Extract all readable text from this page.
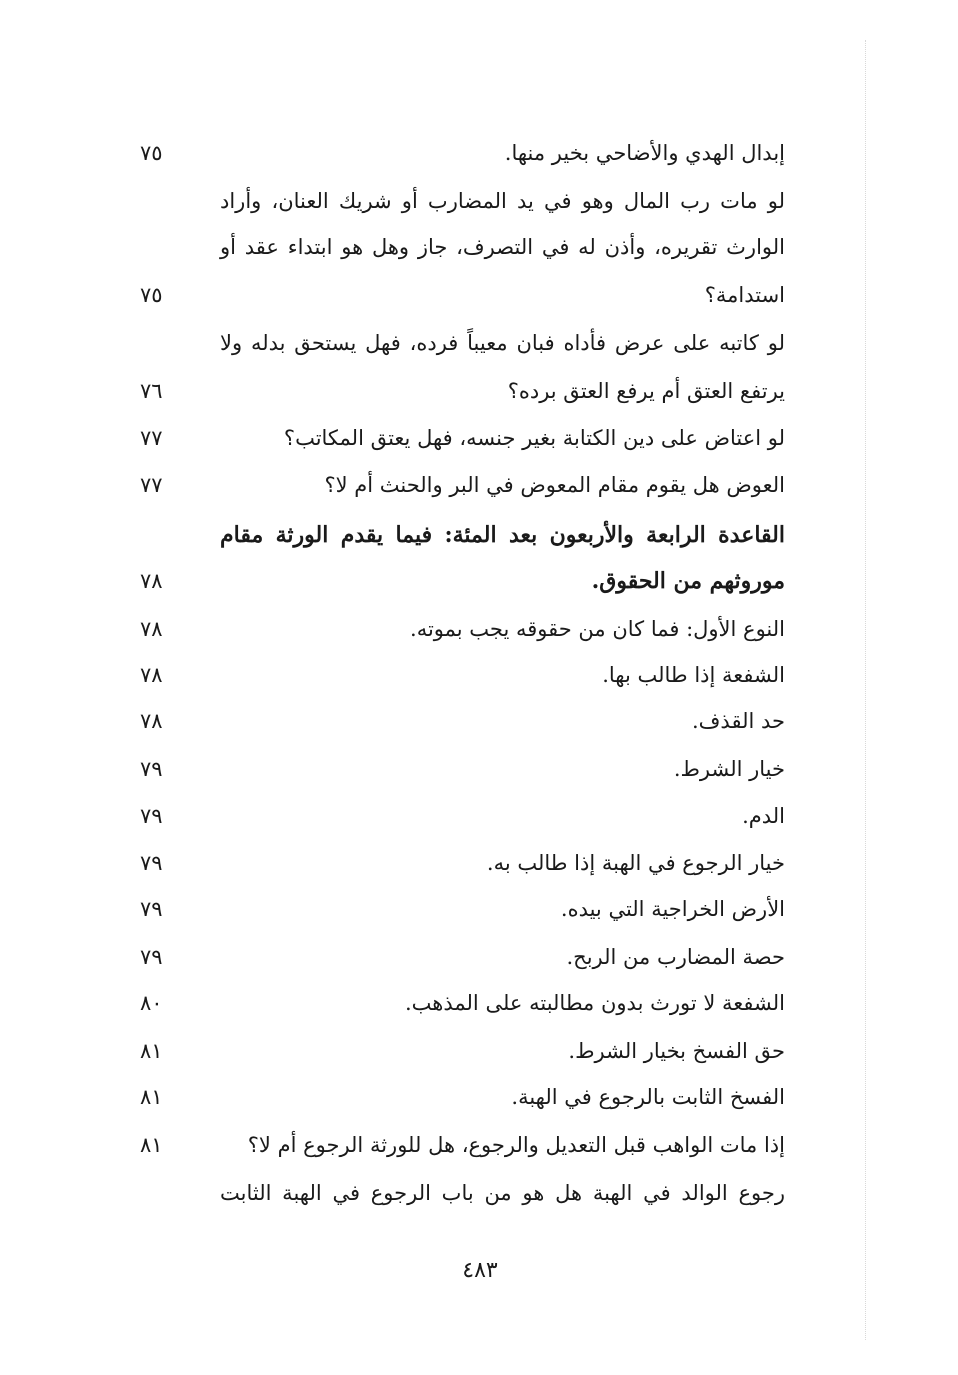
إبدال الهدي والأضاحي بخير منها.
٧٥
لو مات رب المال وهو في يد المضارب أو شريك العنان، وأراد
الوارث تقريره، وأذن له في التصرف، جاز وهل هو ابتداء عقد أو
استدامة؟
٧٥
لو كاتبه على عرض فأداه فبان معيباً فرده، فهل يستحق بدله ولا
يرتفع العتق أم يرفع العتق برده؟
٧٦
لو اعتاض على دين الكتابة بغير جنسه، فهل يعتق المكاتب؟
٧٧
العوض هل يقوم مقام المعوض في البر والحنث أم لا؟
٧٧
القاعدة الرابعة والأربعون بعد المئة: فيما يقدم الورثة مقام
موروثهم من الحقوق.
٧٨
النوع الأول: فما كان من حقوقه يجب بموته.
٧٨
الشفعة إذا طالب بها.
٧٨
حد القذف.
٧٨
خيار الشرط.
٧٩
الدم.
٧٩
خيار الرجوع في الهبة إذا طالب به.
٧٩
الأرض الخراجية التي بيده.
٧٩
حصة المضارب من الربح.
٧٩
الشفعة لا تورث بدون مطالبته على المذهب.
٨٠
حق الفسخ بخيار الشرط.
٨١
الفسخ الثابت بالرجوع في الهبة.
٨١
إذا مات الواهب قبل التعديل والرجوع، هل للورثة الرجوع أم لا؟
٨١
رجوع الوالد في الهبة هل هو من باب الرجوع في الهبة الثابت
٤٨٣
